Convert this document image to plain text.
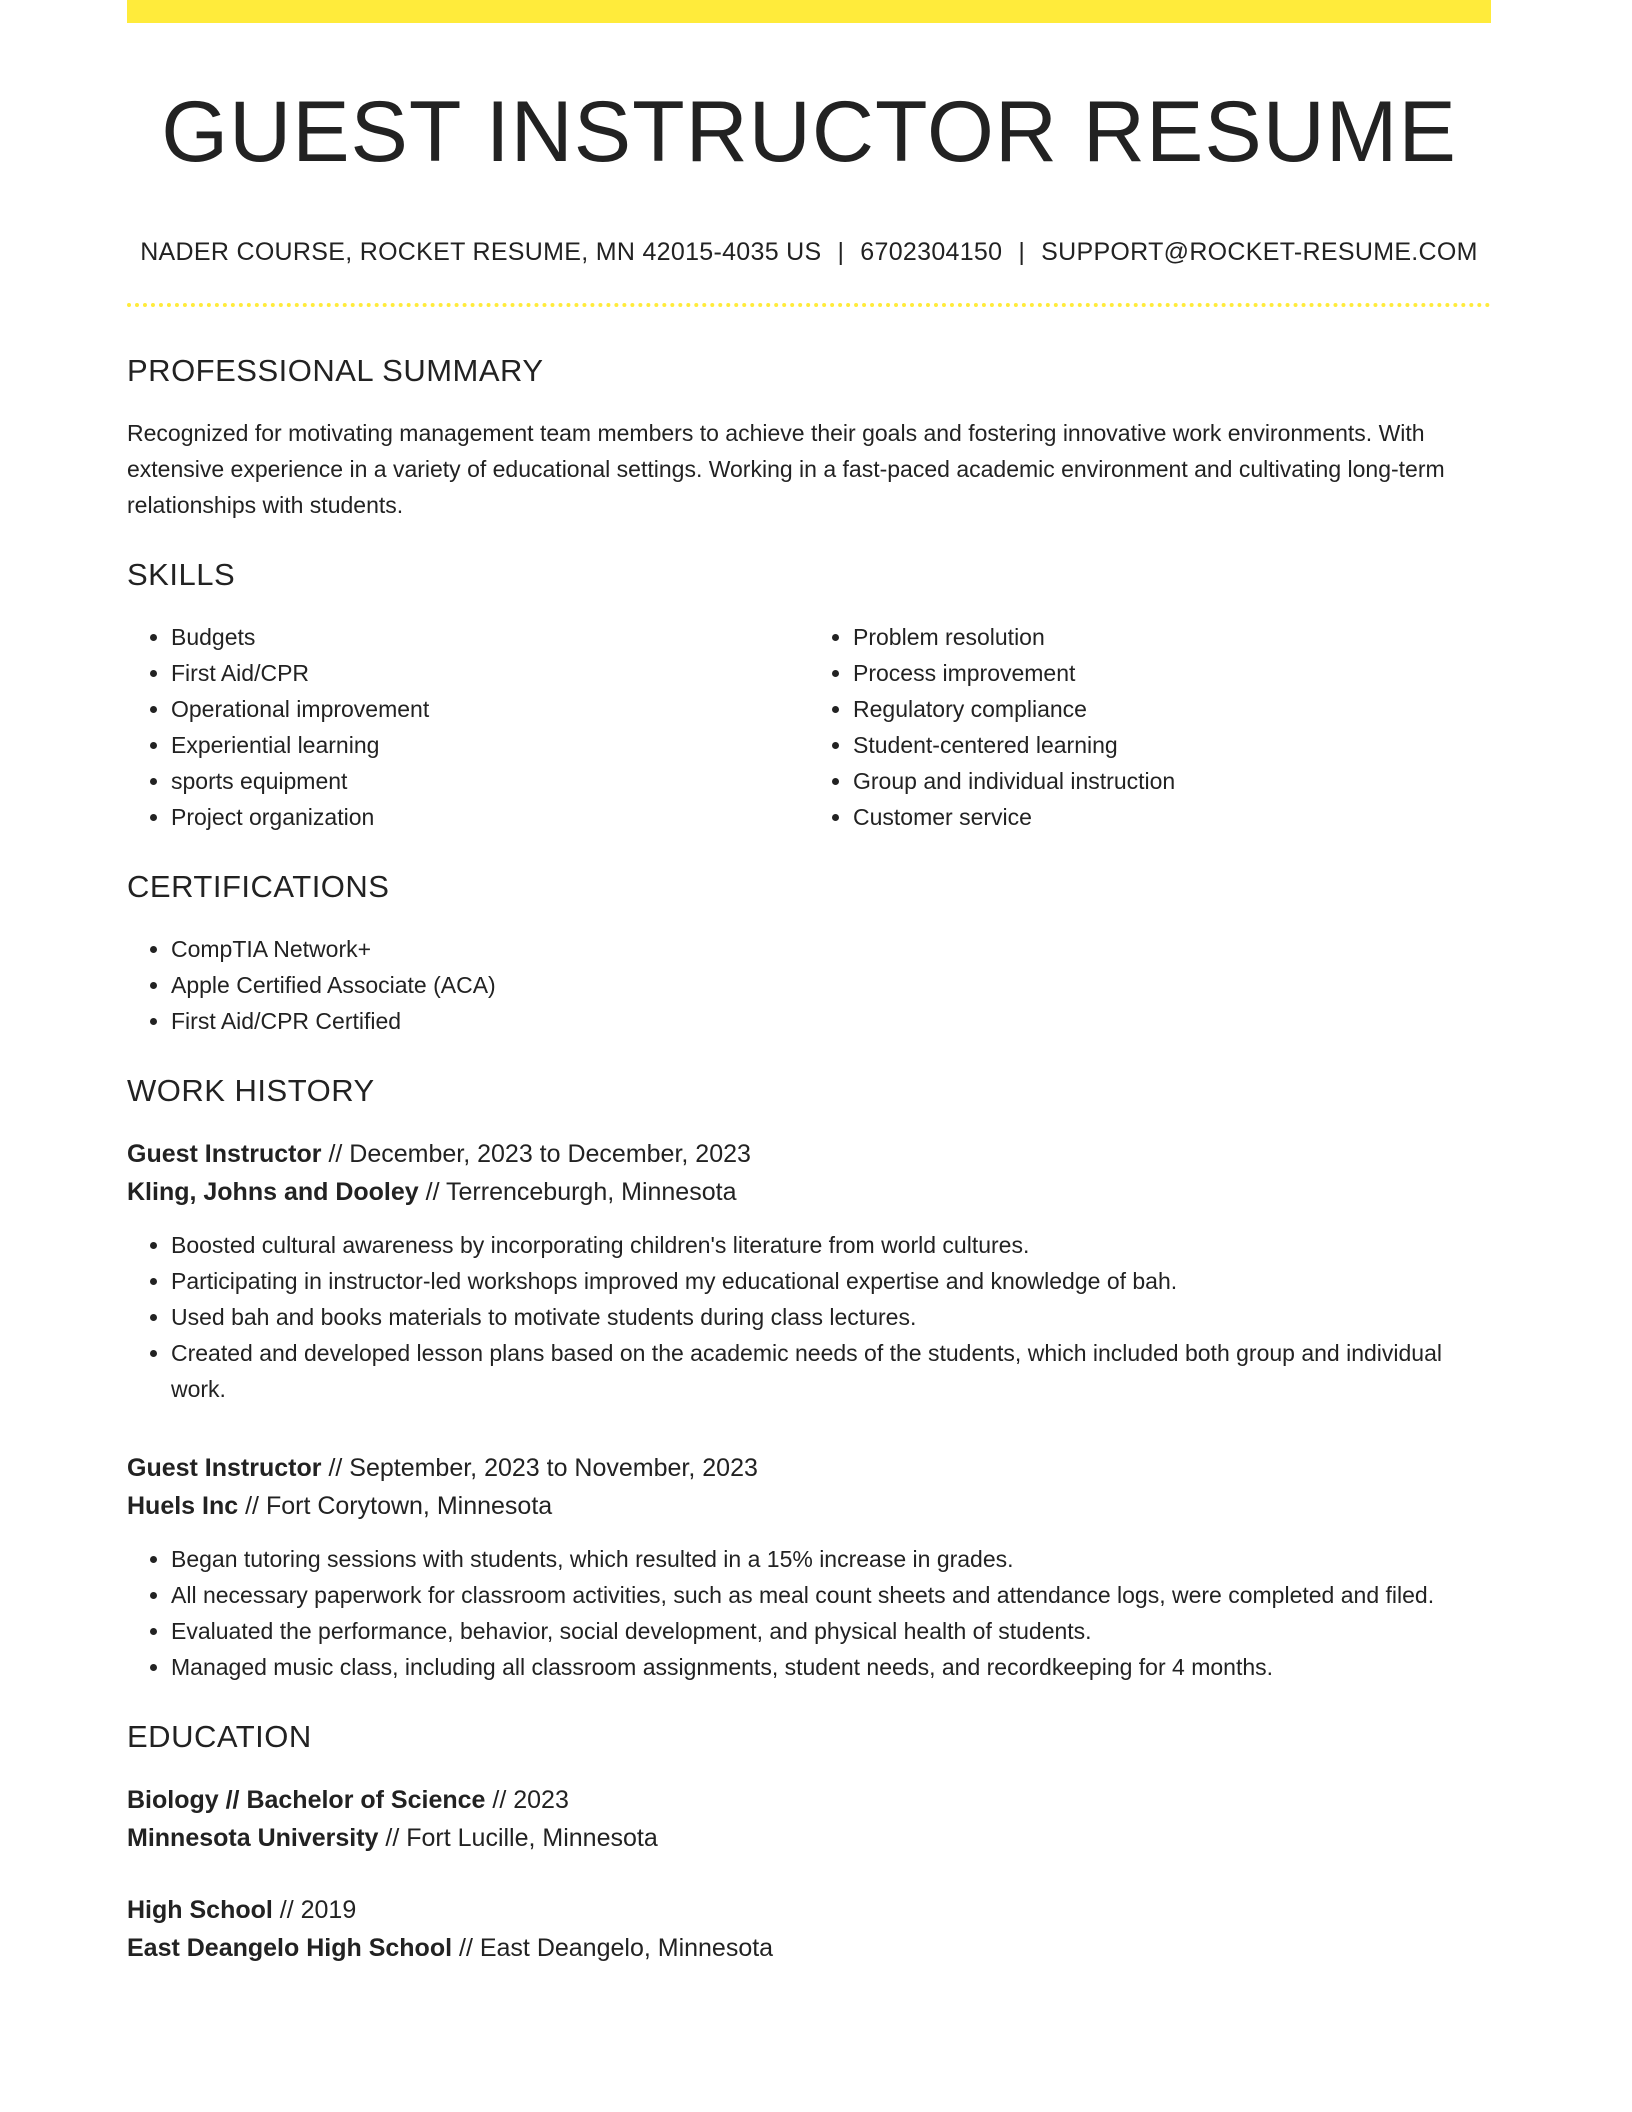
GUEST INSTRUCTOR RESUME
NADER COURSE, ROCKET RESUME, MN 42015-4035 US | 6702304150 | SUPPORT@ROCKET-RESUME.COM
PROFESSIONAL SUMMARY
Recognized for motivating management team members to achieve their goals and fostering innovative work environments. With extensive experience in a variety of educational settings. Working in a fast-paced academic environment and cultivating long-term relationships with students.
SKILLS
• Budgets
• First Aid/CPR
• Operational improvement
• Experiential learning
• sports equipment
• Project organization
• Problem resolution
• Process improvement
• Regulatory compliance
• Student-centered learning
• Group and individual instruction
• Customer service
CERTIFICATIONS
• CompTIA Network+
• Apple Certified Associate (ACA)
• First Aid/CPR Certified
WORK HISTORY
Guest Instructor // December, 2023 to December, 2023
Kling, Johns and Dooley // Terrenceburgh, Minnesota
• Boosted cultural awareness by incorporating children's literature from world cultures.
• Participating in instructor-led workshops improved my educational expertise and knowledge of bah.
• Used bah and books materials to motivate students during class lectures.
• Created and developed lesson plans based on the academic needs of the students, which included both group and individual work.
Guest Instructor // September, 2023 to November, 2023
Huels Inc // Fort Corytown, Minnesota
• Began tutoring sessions with students, which resulted in a 15% increase in grades.
• All necessary paperwork for classroom activities, such as meal count sheets and attendance logs, were completed and filed.
• Evaluated the performance, behavior, social development, and physical health of students.
• Managed music class, including all classroom assignments, student needs, and recordkeeping for 4 months.
EDUCATION
Biology // Bachelor of Science // 2023
Minnesota University // Fort Lucille, Minnesota
High School // 2019
East Deangelo High School // East Deangelo, Minnesota
